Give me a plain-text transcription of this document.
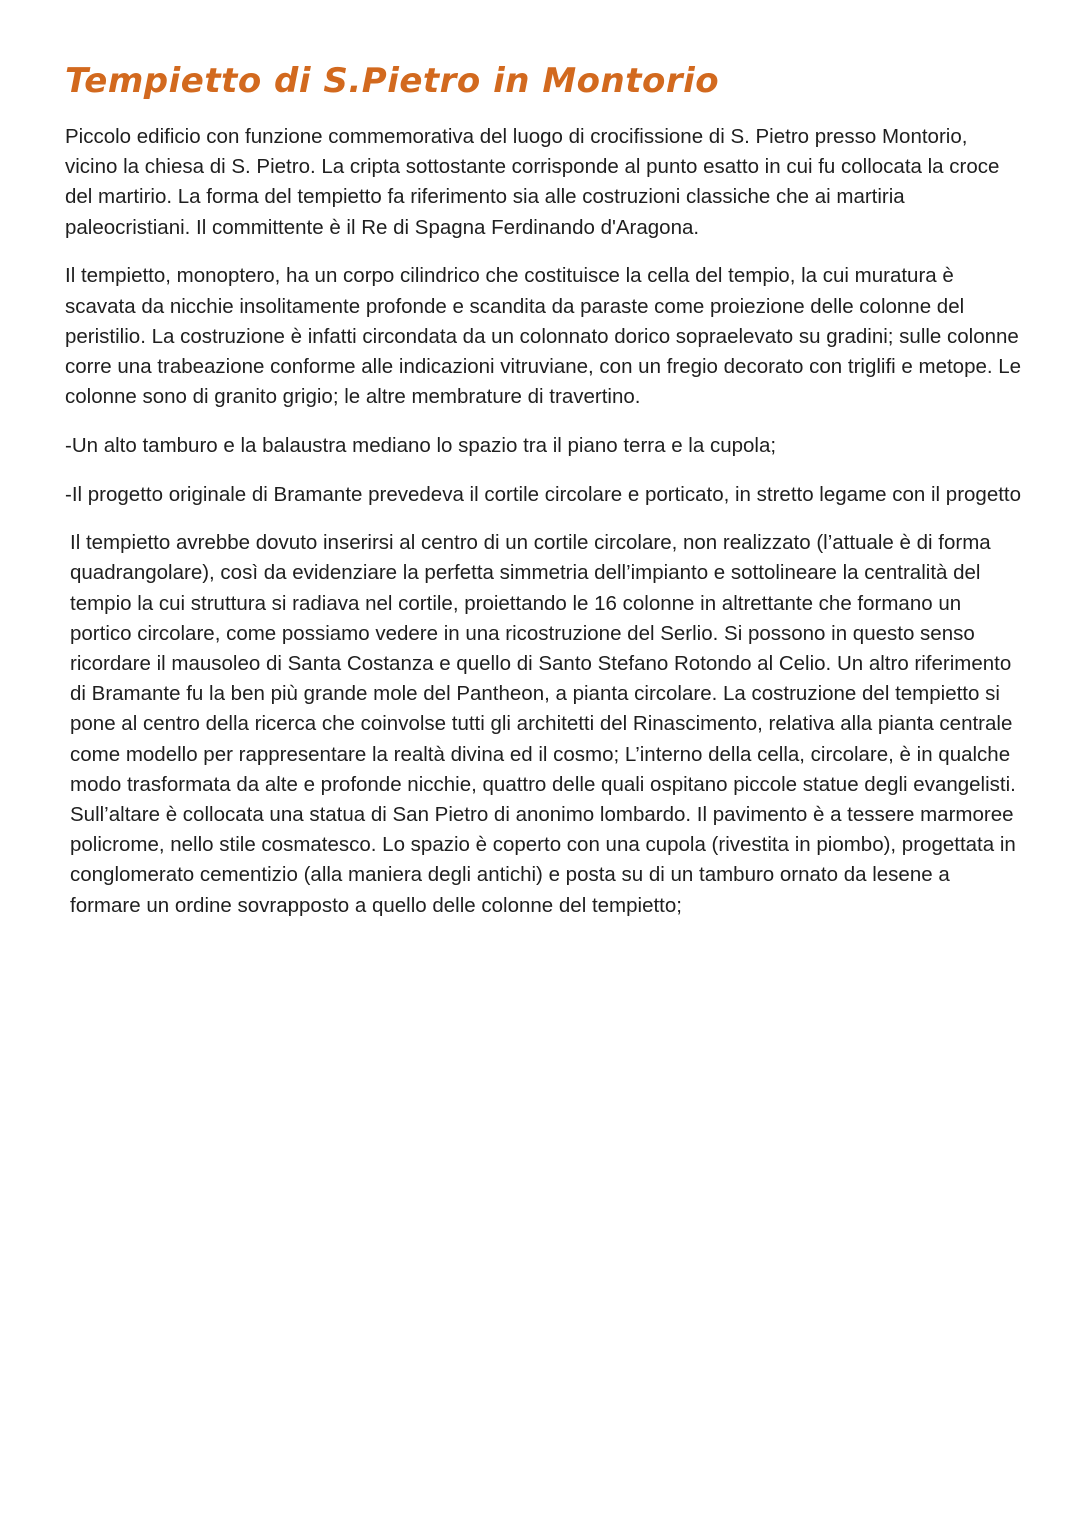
Tempietto di S.Pietro in Montorio

Piccolo edificio con funzione commemorativa del luogo di crocifissione di S. Pietro presso Montorio, vicino la chiesa di S. Pietro. La cripta sottostante corrisponde al punto esatto in cui fu collocata la croce del martirio. La forma del tempietto fa riferimento sia alle costruzioni classiche che ai martiria paleocristiani. Il committente è il Re di Spagna Ferdinando d'Aragona.

Il tempietto, monoptero, ha un corpo cilindrico che costituisce la cella del tempio, la cui muratura è scavata da nicchie insolitamente profonde e scandita da paraste come proiezione delle colonne del peristilio. La costruzione è infatti circondata da un colonnato dorico sopraelevato su gradini; sulle colonne corre una trabeazione conforme alle indicazioni vitruviane, con un fregio decorato con triglifi e metope. Le colonne sono di granito grigio; le altre membrature di travertino.

-Un alto tamburo e la balaustra mediano lo spazio tra il piano terra e la cupola;

-Il progetto originale di Bramante prevedeva il cortile circolare e porticato, in stretto legame con il progetto

Il tempietto avrebbe dovuto inserirsi al centro di un cortile circolare, non realizzato (l’attuale è di forma quadrangolare), così da evidenziare la perfetta simmetria dell’impianto e sottolineare la centralità del tempio la cui struttura si radiava nel cortile, proiettando le 16 colonne in altrettante che formano un portico circolare, come possiamo vedere in una ricostruzione del Serlio. Si possono in questo senso ricordare il mausoleo di Santa Costanza e quello di Santo Stefano Rotondo al Celio. Un altro riferimento di Bramante fu la ben più grande mole del Pantheon, a pianta circolare. La costruzione del tempietto si pone al centro della ricerca che coinvolse tutti gli architetti del Rinascimento, relativa alla pianta centrale come modello per rappresentare la realtà divina ed il cosmo; L’interno della cella, circolare, è in qualche modo trasformata da alte e profonde nicchie, quattro delle quali ospitano piccole statue degli evangelisti. Sull’altare è collocata una statua di San Pietro di anonimo lombardo. Il pavimento è a tessere marmoree policrome, nello stile cosmatesco. Lo spazio è coperto con una cupola (rivestita in piombo), progettata in conglomerato cementizio (alla maniera degli antichi) e posta su di un tamburo ornato da lesene a formare un ordine sovrapposto a quello delle colonne del tempietto;
